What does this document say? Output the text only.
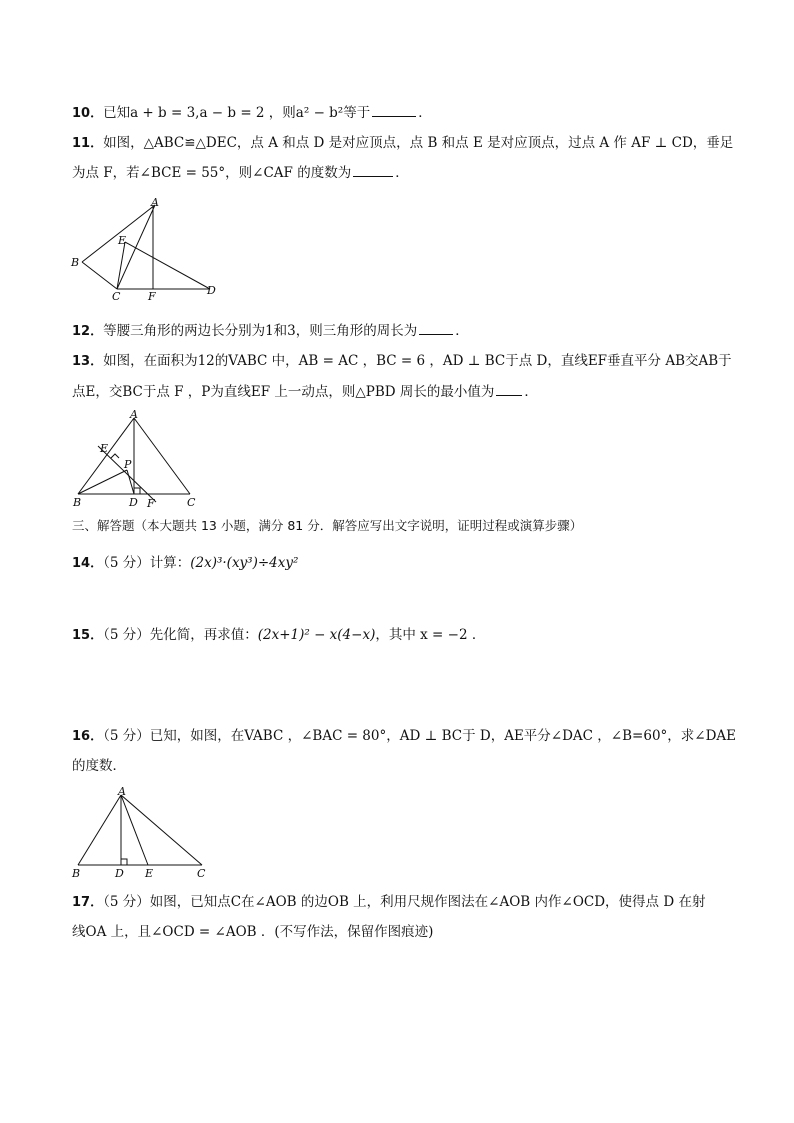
10．已知a + b = 3,a − b = 2 ，则a² − b²等于	．
11．如图，△ABC≌△DEC，点 A 和点 D 是对应顶点，点 B 和点 E 是对应顶点，过点 A 作 AF ⊥ CD，垂足
为点 F，若∠BCE = 55°，则∠CAF 的度数为	．
A
E
B
C	F	D
12．等腰三角形的两边长分别为1和3，则三角形的周长为	．
13．如图，在面积为12的VABC 中，AB = AC ，BC = 6 ，AD ⊥ BC于点 D，直线EF垂直平分 AB交AB于
点E，交BC于点 F ，P为直线EF 上一动点，则△PBD 周长的最小值为 ．
A
E
P
B	D F	C
三、解答题（本大题共 13 小题，满分 81 分．解答应写出文字说明，证明过程或演算步骤）
14．（5 分）计算：(2x)³·(xy³)÷4xy²
15．（5 分）先化简，再求值：(2x+1)² − x(4−x)，其中 x = −2 ．
16．（5 分）已知，如图，在VABC ，∠BAC = 80°，AD ⊥ BC于 D，AE平分∠DAC ，∠B=60°，求∠DAE
的度数．
A
B	D E	C
17．（5 分）如图，已知点C在∠AOB 的边OB 上，利用尺规作图法在∠AOB 内作∠OCD，使得点 D 在射
线OA 上，且∠OCD = ∠AOB ．(不写作法，保留作图痕迹)
